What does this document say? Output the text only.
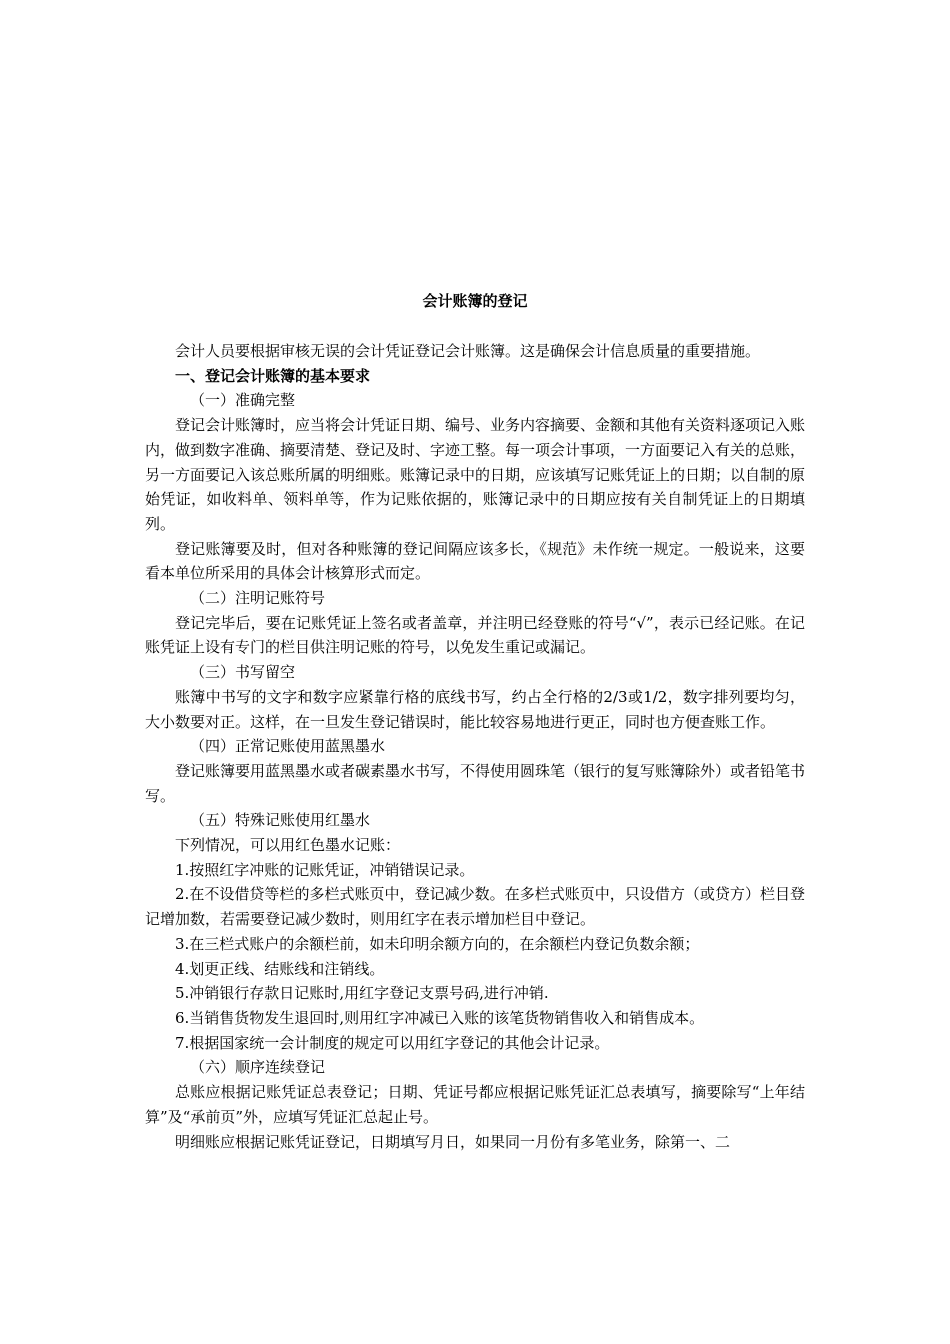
会计账簿的登记

会计人员要根据审核无误的会计凭证登记会计账簿。这是确保会计信息质量的重要措施。

一、登记会计账簿的基本要求

（一）准确完整

登记会计账簿时，应当将会计凭证日期、编号、业务内容摘要、金额和其他有关资料逐项记入账内，做到数字准确、摘要清楚、登记及时、字迹工整。每一项会计事项，一方面要记入有关的总账，另一方面要记入该总账所属的明细账。账簿记录中的日期，应该填写记账凭证上的日期；以自制的原始凭证，如收料单、领料单等，作为记账依据的，账簿记录中的日期应按有关自制凭证上的日期填列。

登记账簿要及时，但对各种账簿的登记间隔应该多长，《规范》未作统一规定。一般说来，这要看本单位所采用的具体会计核算形式而定。

（二）注明记账符号

登记完毕后，要在记账凭证上签名或者盖章，并注明已经登账的符号“√”，表示已经记账。在记账凭证上设有专门的栏目供注明记账的符号，以免发生重记或漏记。

（三）书写留空

账簿中书写的文字和数字应紧靠行格的底线书写，约占全行格的2/3或1/2，数字排列要均匀，大小数要对正。这样，在一旦发生登记错误时，能比较容易地进行更正，同时也方便查账工作。

（四）正常记账使用蓝黑墨水

登记账簿要用蓝黑墨水或者碳素墨水书写，不得使用圆珠笔（银行的复写账簿除外）或者铅笔书写。

（五）特殊记账使用红墨水

下列情况，可以用红色墨水记账：

1.按照红字冲账的记账凭证，冲销错误记录。

2.在不设借贷等栏的多栏式账页中，登记减少数。在多栏式账页中，只设借方（或贷方）栏目登记增加数，若需要登记减少数时，则用红字在表示增加栏目中登记。

3.在三栏式账户的余额栏前，如未印明余额方向的，在余额栏内登记负数余额；

4.划更正线、结账线和注销线。

5.冲销银行存款日记账时,用红字登记支票号码,进行冲销.

6.当销售货物发生退回时,则用红字冲减已入账的该笔货物销售收入和销售成本。

7.根据国家统一会计制度的规定可以用红字登记的其他会计记录。

（六）顺序连续登记

总账应根据记账凭证总表登记；日期、凭证号都应根据记账凭证汇总表填写，摘要除写“上年结算”及“承前页”外，应填写凭证汇总起止号。

明细账应根据记账凭证登记，日期填写月日，如果同一月份有多笔业务，除第一、二
